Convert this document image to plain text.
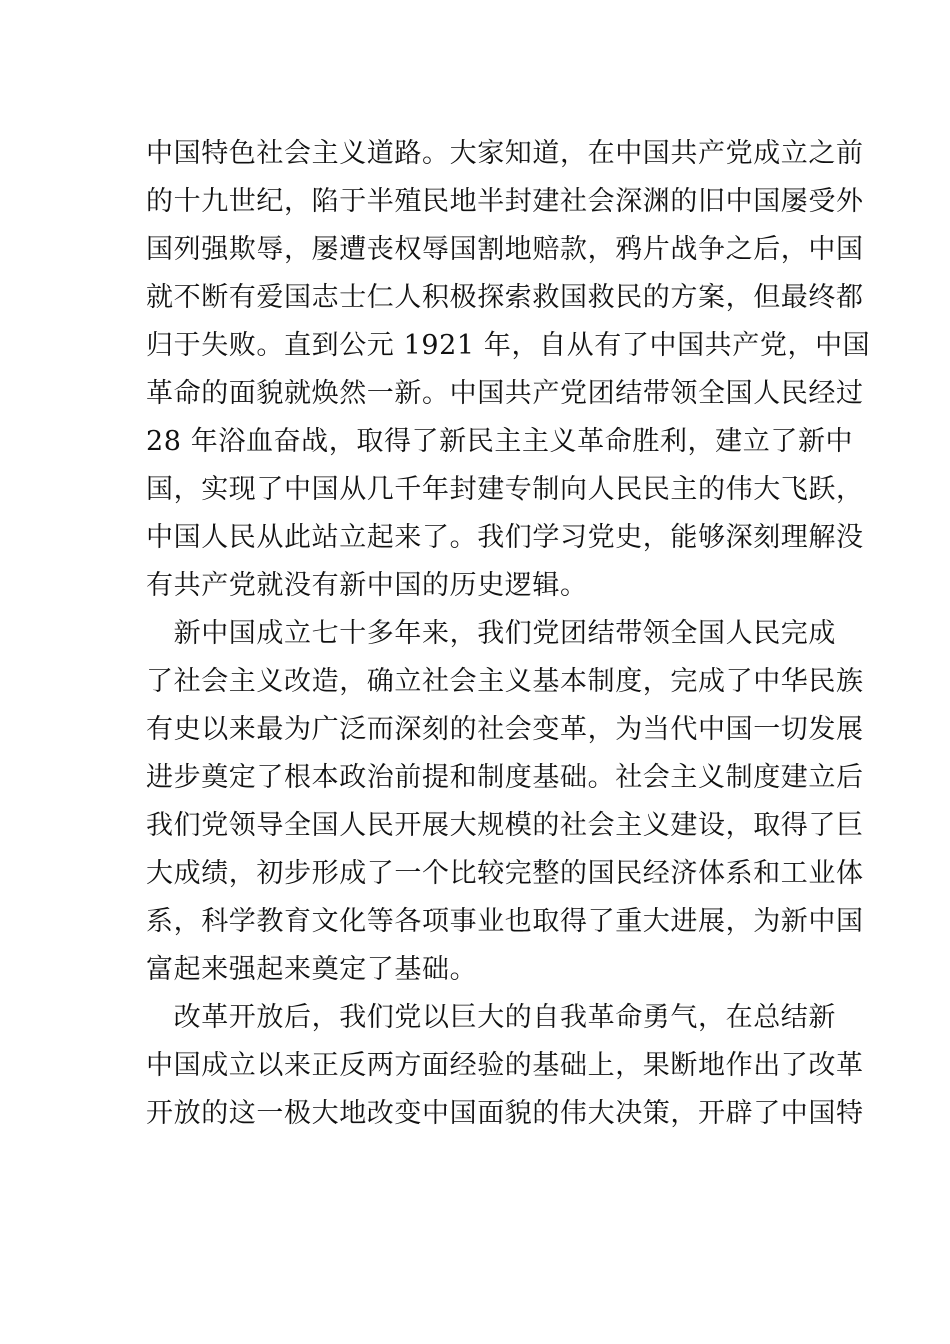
中国特色社会主义道路。大家知道，在中国共产党成立之前
的十九世纪，陷于半殖民地半封建社会深渊的旧中国屡受外
国列强欺辱，屡遭丧权辱国割地赔款，鸦片战争之后，中国
就不断有爱国志士仁人积极探索救国救民的方案，但最终都
归于失败。直到公元 1921 年，自从有了中国共产党，中国
革命的面貌就焕然一新。中国共产党团结带领全国人民经过
28 年浴血奋战，取得了新民主主义革命胜利，建立了新中
国，实现了中国从几千年封建专制向人民民主的伟大飞跃，
中国人民从此站立起来了。我们学习党史，能够深刻理解没
有共产党就没有新中国的历史逻辑。
　新中国成立七十多年来，我们党团结带领全国人民完成
了社会主义改造，确立社会主义基本制度，完成了中华民族
有史以来最为广泛而深刻的社会变革，为当代中国一切发展
进步奠定了根本政治前提和制度基础。社会主义制度建立后
我们党领导全国人民开展大规模的社会主义建设，取得了巨
大成绩，初步形成了一个比较完整的国民经济体系和工业体
系，科学教育文化等各项事业也取得了重大进展，为新中国
富起来强起来奠定了基础。
　改革开放后，我们党以巨大的自我革命勇气，在总结新
中国成立以来正反两方面经验的基础上，果断地作出了改革
开放的这一极大地改变中国面貌的伟大决策，开辟了中国特
